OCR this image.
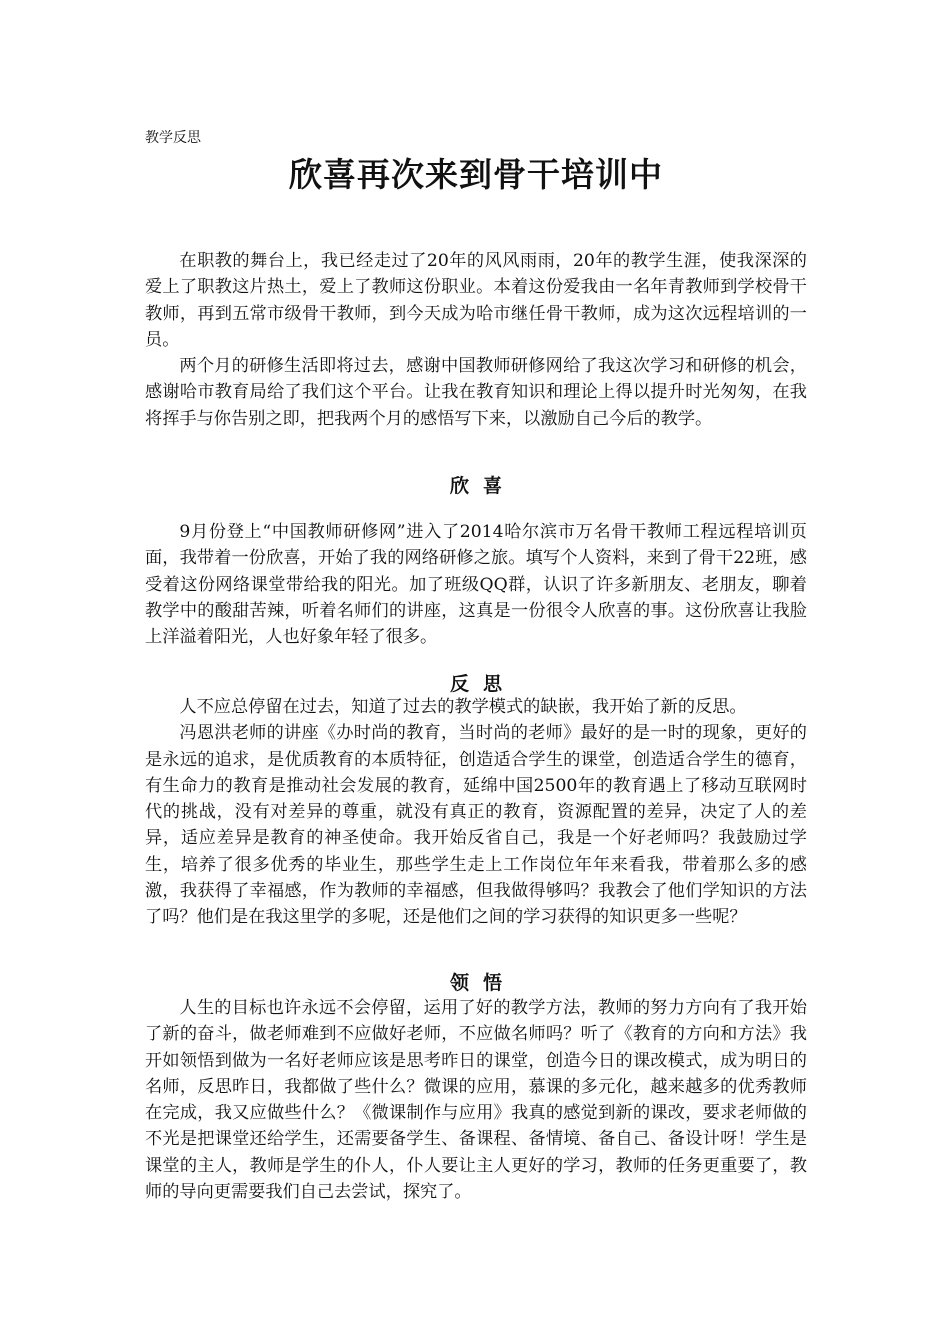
教学反思
欣喜再次来到骨干培训中

在职教的舞台上，我已经走过了20年的风风雨雨，20年的教学生涯，使我深深的爱上了职教这片热土，爱上了教师这份职业。本着这份爱我由一名年青教师到学校骨干教师，再到五常市级骨干教师，到今天成为哈市继任骨干教师，成为这次远程培训的一员。

两个月的研修生活即将过去，感谢中国教师研修网给了我这次学习和研修的机会，感谢哈市教育局给了我们这个平台。让我在教育知识和理论上得以提升时光匆匆，在我将挥手与你告别之即，把我两个月的感悟写下来，以激励自己今后的教学。

欣喜

9月份登上“中国教师研修网”进入了2014哈尔滨市万名骨干教师工程远程培训页面，我带着一份欣喜，开始了我的网络研修之旅。填写个人资料，来到了骨干22班，感受着这份网络课堂带给我的阳光。加了班级QQ群，认识了许多新朋友、老朋友，聊着教学中的酸甜苦辣，听着名师们的讲座，这真是一份很令人欣喜的事。这份欣喜让我脸上洋溢着阳光，人也好象年轻了很多。

反思

人不应总停留在过去，知道了过去的教学模式的缺嵌，我开始了新的反思。

冯恩洪老师的讲座《办时尚的教育，当时尚的老师》最好的是一时的现象，更好的是永远的追求，是优质教育的本质特征，创造适合学生的课堂，创造适合学生的德育，有生命力的教育是推动社会发展的教育，延绵中国2500年的教育遇上了移动互联网时代的挑战，没有对差异的尊重，就没有真正的教育，资源配置的差异，决定了人的差异，适应差异是教育的神圣使命。我开始反省自己，我是一个好老师吗？我鼓励过学生，培养了很多优秀的毕业生，那些学生走上工作岗位年年来看我，带着那么多的感激，我获得了幸福感，作为教师的幸福感，但我做得够吗？我教会了他们学知识的方法了吗？他们是在我这里学的多呢，还是他们之间的学习获得的知识更多一些呢？

领悟

人生的目标也许永远不会停留，运用了好的教学方法，教师的努力方向有了我开始了新的奋斗，做老师难到不应做好老师，不应做名师吗？听了《教育的方向和方法》我开如领悟到做为一名好老师应该是思考昨日的课堂，创造今日的课改模式，成为明日的名师，反思昨日，我都做了些什么？微课的应用，慕课的多元化，越来越多的优秀教师在完成，我又应做些什么？《微课制作与应用》我真的感觉到新的课改，要求老师做的不光是把课堂还给学生，还需要备学生、备课程、备情境、备自己、备设计呀！学生是课堂的主人，教师是学生的仆人，仆人要让主人更好的学习，教师的任务更重要了，教师的导向更需要我们自己去尝试，探究了。
